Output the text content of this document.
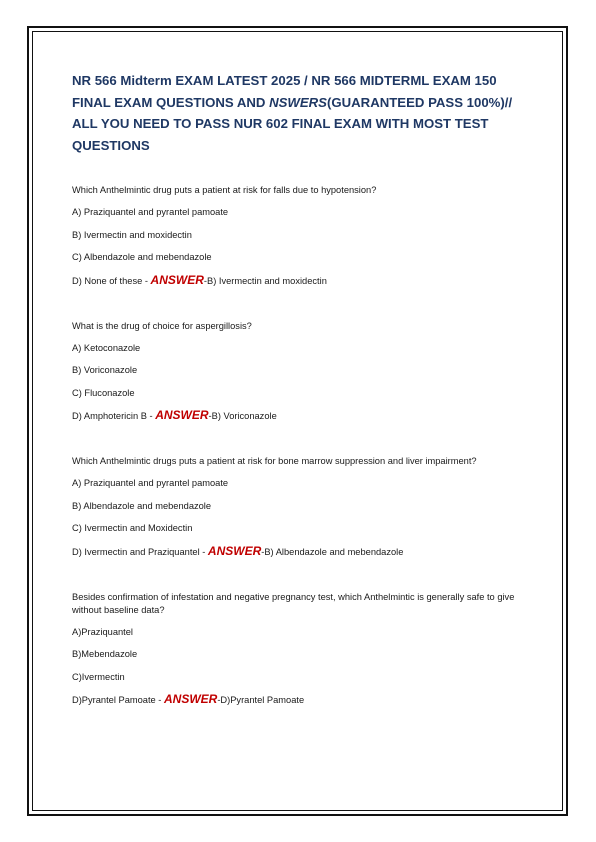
NR 566 Midterm EXAM LATEST 2025 / NR 566 MIDTERML EXAM 150 FINAL EXAM QUESTIONS AND NSWERS(GUARANTEED PASS 100%)// ALL YOU NEED TO PASS NUR 602 FINAL EXAM WITH MOST TEST QUESTIONS

Which Anthelmintic drug puts a patient at risk for falls due to hypotension?

A) Praziquantel and pyrantel pamoate

B) Ivermectin and moxidectin

C) Albendazole and mebendazole

D) None of these - ANSWER-B) Ivermectin and moxidectin

What is the drug of choice for aspergillosis?

A) Ketoconazole

B) Voriconazole

C) Fluconazole

D) Amphotericin B - ANSWER-B) Voriconazole

Which Anthelmintic drugs puts a patient at risk for bone marrow suppression and liver impairment?

A) Praziquantel and pyrantel pamoate

B) Albendazole and mebendazole

C) Ivermectin and Moxidectin

D) Ivermectin and Praziquantel - ANSWER-B) Albendazole and mebendazole

Besides confirmation of infestation and negative pregnancy test, which Anthelmintic is generally safe to give without baseline data?

A)Praziquantel

B)Mebendazole

C)Ivermectin

D)Pyrantel Pamoate - ANSWER-D)Pyrantel Pamoate
